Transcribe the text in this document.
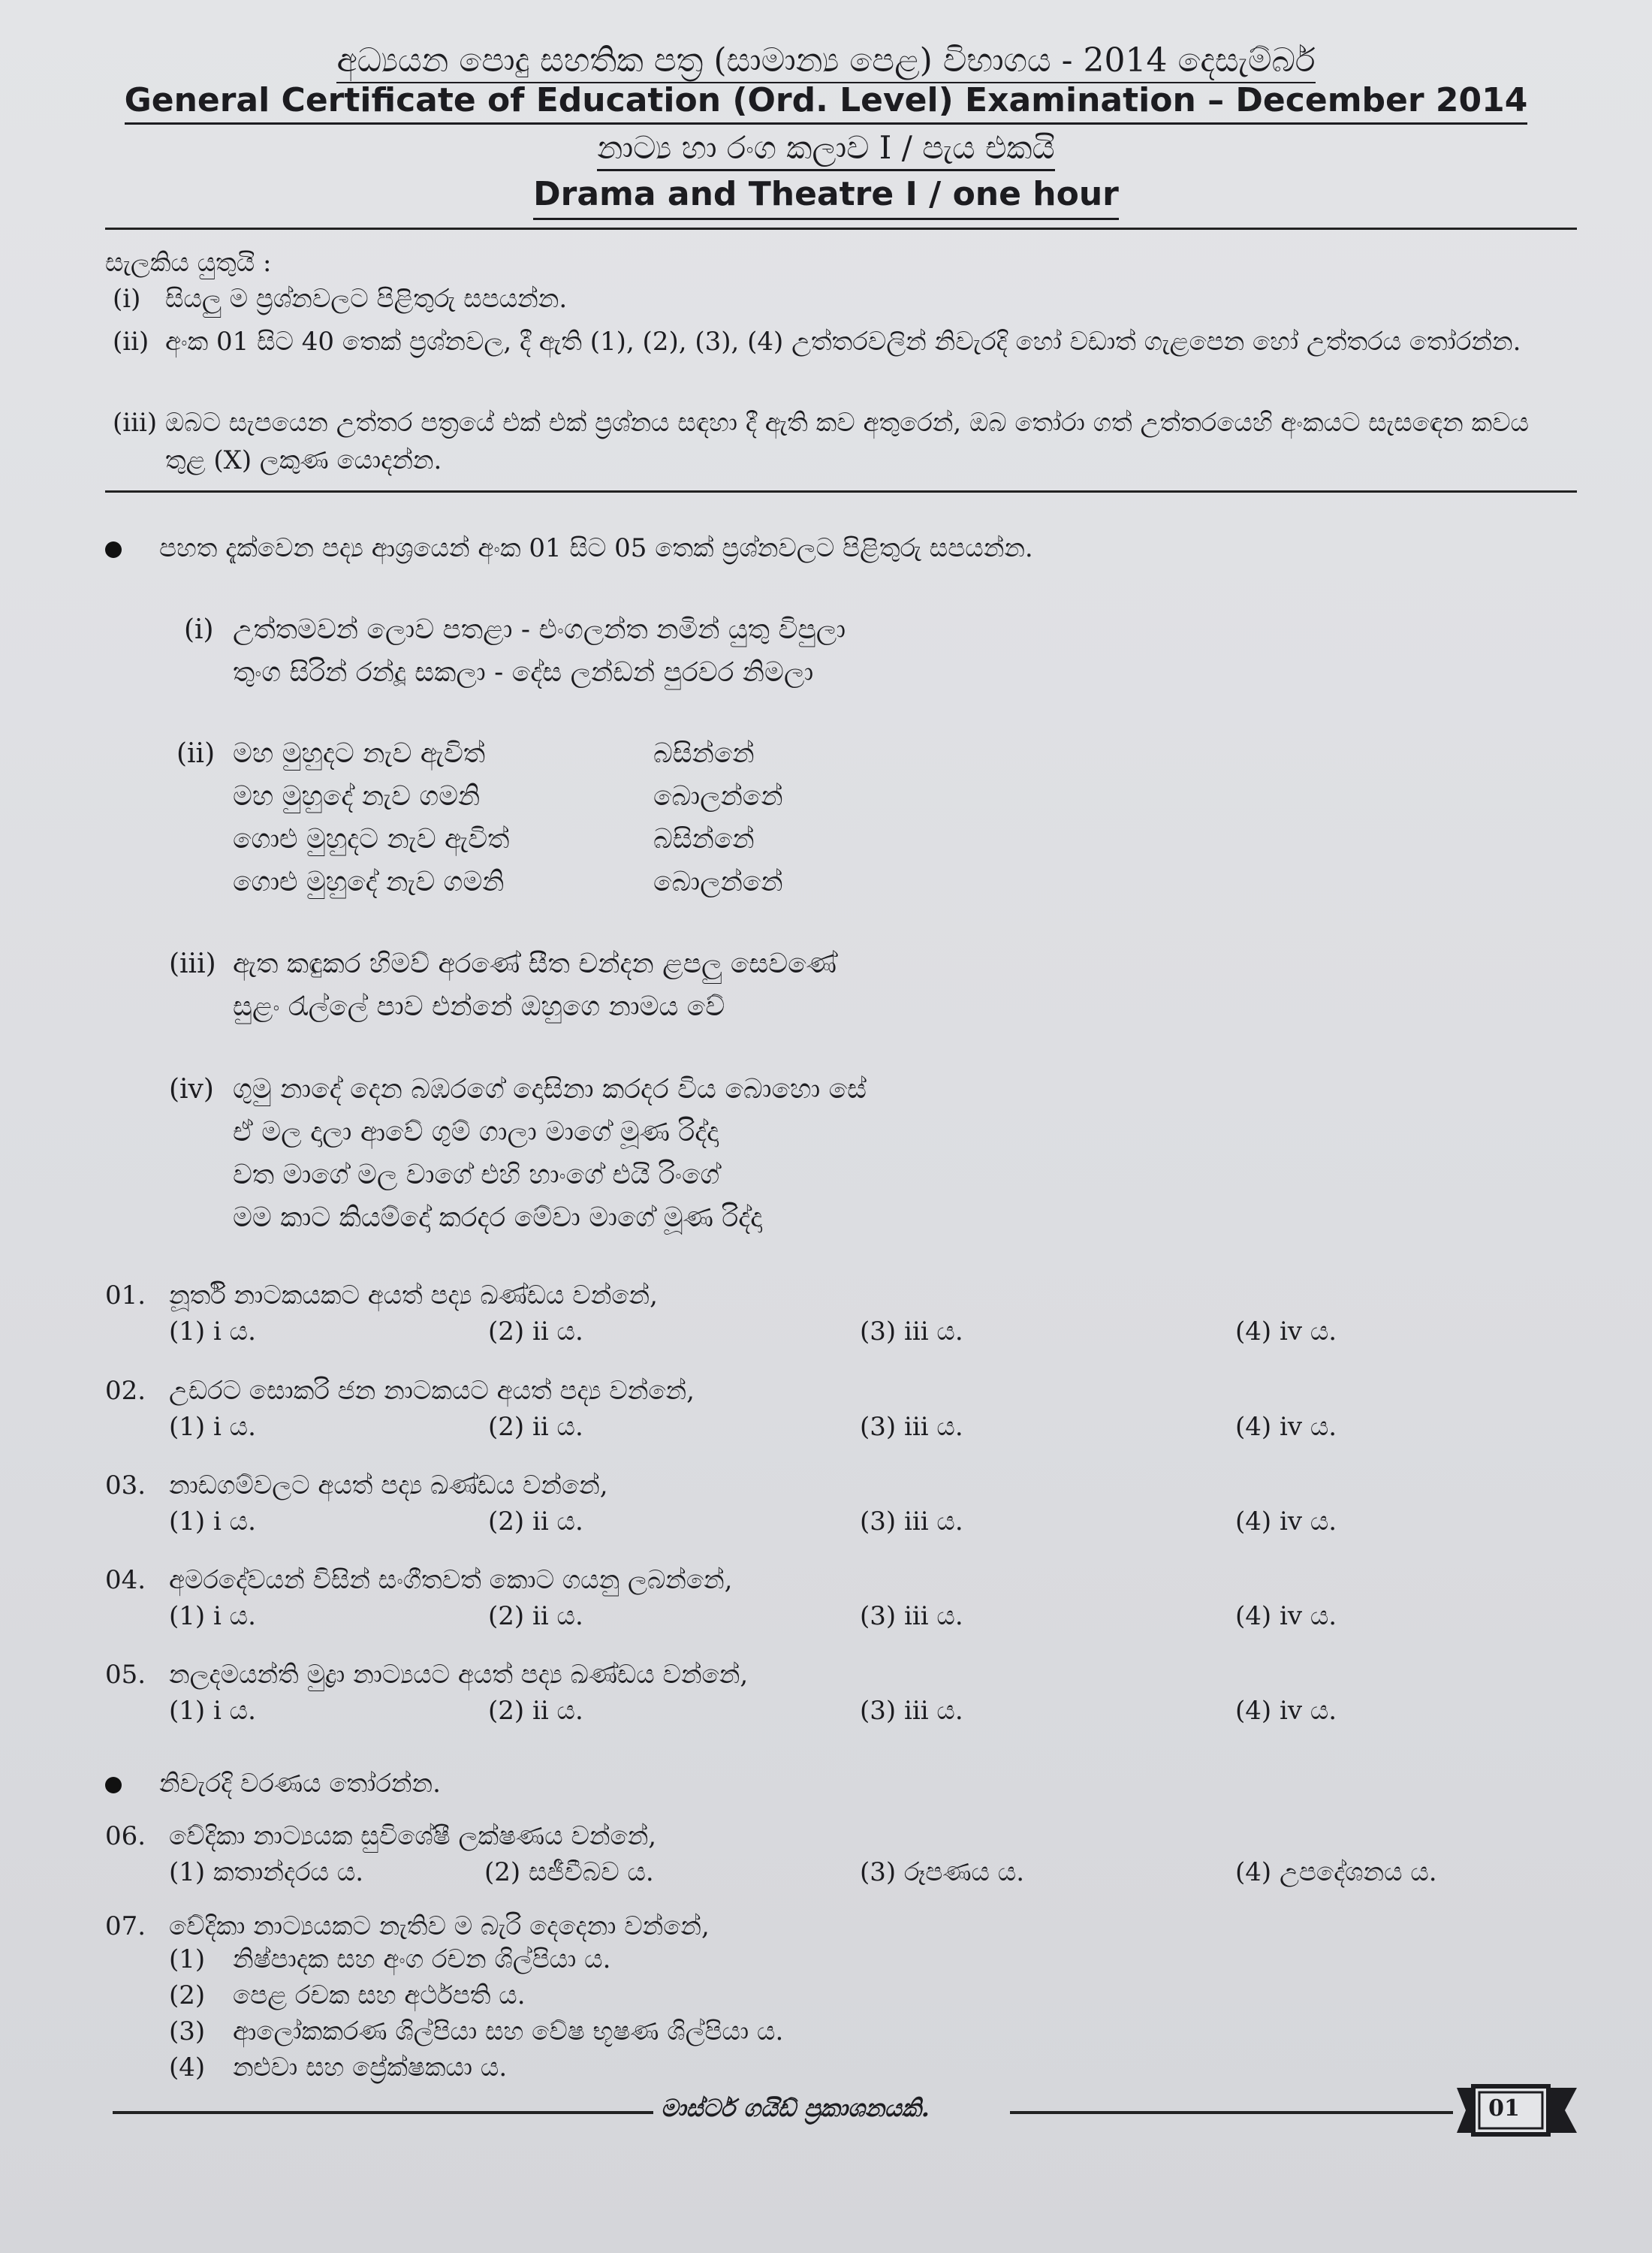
අධ්‍යයන පොදු සහතික පත්‍ර (සාමාන්‍ය පෙළ) විභාගය - 2014 දෙසැම්බර්
General Certificate of Education (Ord. Level) Examination – December 2014
නාට්‍ය හා රංග කලාව I / පැය එකයි
Drama and Theatre I / one hour
සැලකිය යුතුයි :
(i) සියලු ම ප්‍රශ්නවලට පිළිතුරු සපයන්න.
(ii) අංක 01 සිට 40 තෙක් ප්‍රශ්නවල, දී ඇති (1), (2), (3), (4) උත්තරවලින් නිවැරදි හෝ වඩාත් ගැළපෙන හෝ උත්තරය තෝරන්න.
(iii) ඔබට සැපයෙන උත්තර පත්‍රයේ එක් එක් ප්‍රශ්නය සඳහා දී ඇති කව අතුරෙන්, ඔබ තෝරා ගත් උත්තරයෙහි අංකයට සැසඳෙන කවය තුළ (X) ලකුණ යොදන්න.
පහත දැක්වෙන පද්‍ය ආශ්‍රයෙන් අංක 01 සිට 05 තෙක් ප්‍රශ්නවලට පිළිතුරු සපයන්න.
(i) උත්තමවන් ලොව පතළා - එංගලන්ත නමින් යුතු විපුලා
තුංග සිරින් රන්දූ සකලා - දේස ලන්ඩන් පුරවර නිමලා
(ii) මහ මුහුදට නැව ඇවිත්	බසින්නේ
මහ මුහුදේ නැව ගමනි	බොලන්නේ
ගොළු මුහුදට නැව ඇවිත්	බසින්නේ
ගොළු මුහුදේ නැව ගමනි	බොලන්නේ
(iii) ඇත කඳුකර හිමව් අරණේ සීත චන්දන ළපලු සෙවණේ
සුළං රැල්ලේ පාව එන්නේ ඔහුගෙ නාමය වේ
(iv) ගුමු නාදේ දෙන බඹරගේ දොසිනා කරදර විය බොහො සේ
ඒ මල දාලා ආවේ ගුම් ගාලා මාගේ මූණ රිද්දා
වත මාගේ මල වාගේ එහි හාංගේ එයි රිංගේ
මම කාට කියම්දෝ කරදර මේවා මාගේ මූණ රිද්දා
01. නූර්ති නාටකයකට අයත් පද්‍ය ඛණ්ඩය වන්නේ,
(1) i ය.	(2) ii ය.	(3) iii ය.	(4) iv ය.
02. උඩරට සොකරි ජන නාටකයට අයත් පද්‍ය වන්නේ,
(1) i ය.	(2) ii ය.	(3) iii ය.	(4) iv ය.
03. නාඩගම්වලට අයත් පද්‍ය ඛණ්ඩය වන්නේ,
(1) i ය.	(2) ii ය.	(3) iii ය.	(4) iv ය.
04. අමරදේවයන් විසින් සංගීතවත් කොට ගයනු ලබන්නේ,
(1) i ය.	(2) ii ය.	(3) iii ය.	(4) iv ය.
05. නලදමයන්ති මුද්‍රා නාට්‍යයට අයත් පද්‍ය ඛණ්ඩය වන්නේ,
(1) i ය.	(2) ii ය.	(3) iii ය.	(4) iv ය.
නිවැරදි වරණය තෝරන්න.
06. වේදිකා නාට්‍යයක සුවිශේෂී ලක්ෂණය වන්නේ,
(1) කතාන්දරය ය.	(2) සජීවීබව ය.	(3) රූපණය ය.	(4) උපදේශනය ය.
07. වේදිකා නාට්‍යයකට නැතිව ම බැරි දෙදෙනා වන්නේ,
(1) නිෂ්පාදක සහ අංග රචන ශිල්පියා ය.
(2) පෙළ රචක සහ අර්ථපති ය.
(3) ආලෝකකරණ ශිල්පියා සහ වේෂ භූෂණ ශිල්පියා ය.
(4) නළුවා සහ ප්‍රේක්ෂකයා ය.
මාස්ටර් ගයිඩ් ප්‍රකාශනයකි.	01
